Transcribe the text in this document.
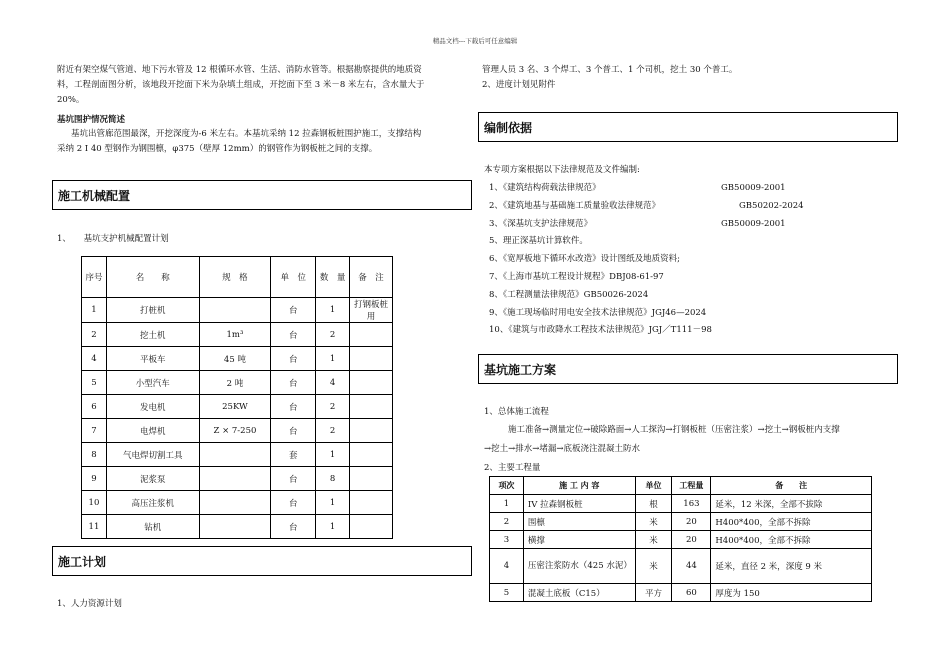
精品文档---下载后可任意编辑
附近有架空煤气管道、地下污水管及 12 根循环水管、生活、消防水管等。根据勘察提供的地质资
料，工程剖面图分析，该地段开挖面下米为杂填土组成，开挖面下至 3 米－8 米左右，含水量大于
20%。
基坑围护情况简述
基坑出管廊范围最深，开挖深度为-6 米左右。本基坑采纳 12 拉森钢板桩围护施工，支撑结构
采纳 2 I 40 型钢作为钢围檩，φ375（壁厚 12mm）的钢管作为钢板桩之间的支撑。
施工机械配置
1、　　基坑支护机械配置计划
序号	名　　称	规　格	单　位	数　量	备　注
1	打桩机		台	1	打钢板桩用
2	挖土机	1m³	台	2	
4	平板车	45 吨	台	1	
5	小型汽车	2 吨	台	4	
6	发电机	25KW	台	2	
7	电焊机	Z × 7-250	台	2	
8	气电焊切割工具		套	1	
9	泥浆泵		台	8	
10	高压注浆机		台	1	
11	钻机		台	1	
施工计划
1、人力资源计划
管理人员 3 名、3 个焊工、3 个普工、1 个司机，挖土 30 个普工。
2、进度计划见附件
编制依据
本专项方案根据以下法律规范及文件编制:
1、《建筑结构荷载法律规范》	GB50009-2001
2、《建筑地基与基础施工质量验收法律规范》	GB50202-2024
3、《深基坑支护法律规范》	GB50009-2001
5、理正深基坑计算软件。
6、《宽厚板地下循环水改造》设计图纸及地质资料;
7、《上海市基坑工程设计规程》DBJ08-61-97
8、《工程测量法律规范》GB50026-2024
9、《施工现场临时用电安全技术法律规范》JGJ46—2024
10、《建筑与市政降水工程技术法律规范》JGJ／T111－98
基坑施工方案
1、总体施工流程
施工准备→测量定位→破除路面→人工探沟→打钢板桩（压密注浆）→挖土→钢板桩内支撑
→挖土→排水→堵漏→底板浇注混凝土防水
2、主要工程量
项次	施 工 内 容	单位	工程量	备　　注
1	IV 拉森钢板桩	根	163	延米，12 米深，全部不拔除
2	围檩	米	20	H400*400，全部不拆除
3	横撑	米	20	H400*400，全部不拆除
4	压密注浆防水（425 水泥）	米	44	延米，直径 2 米，深度 9 米
5	混凝土底板（C15）	平方	60	厚度为 150
